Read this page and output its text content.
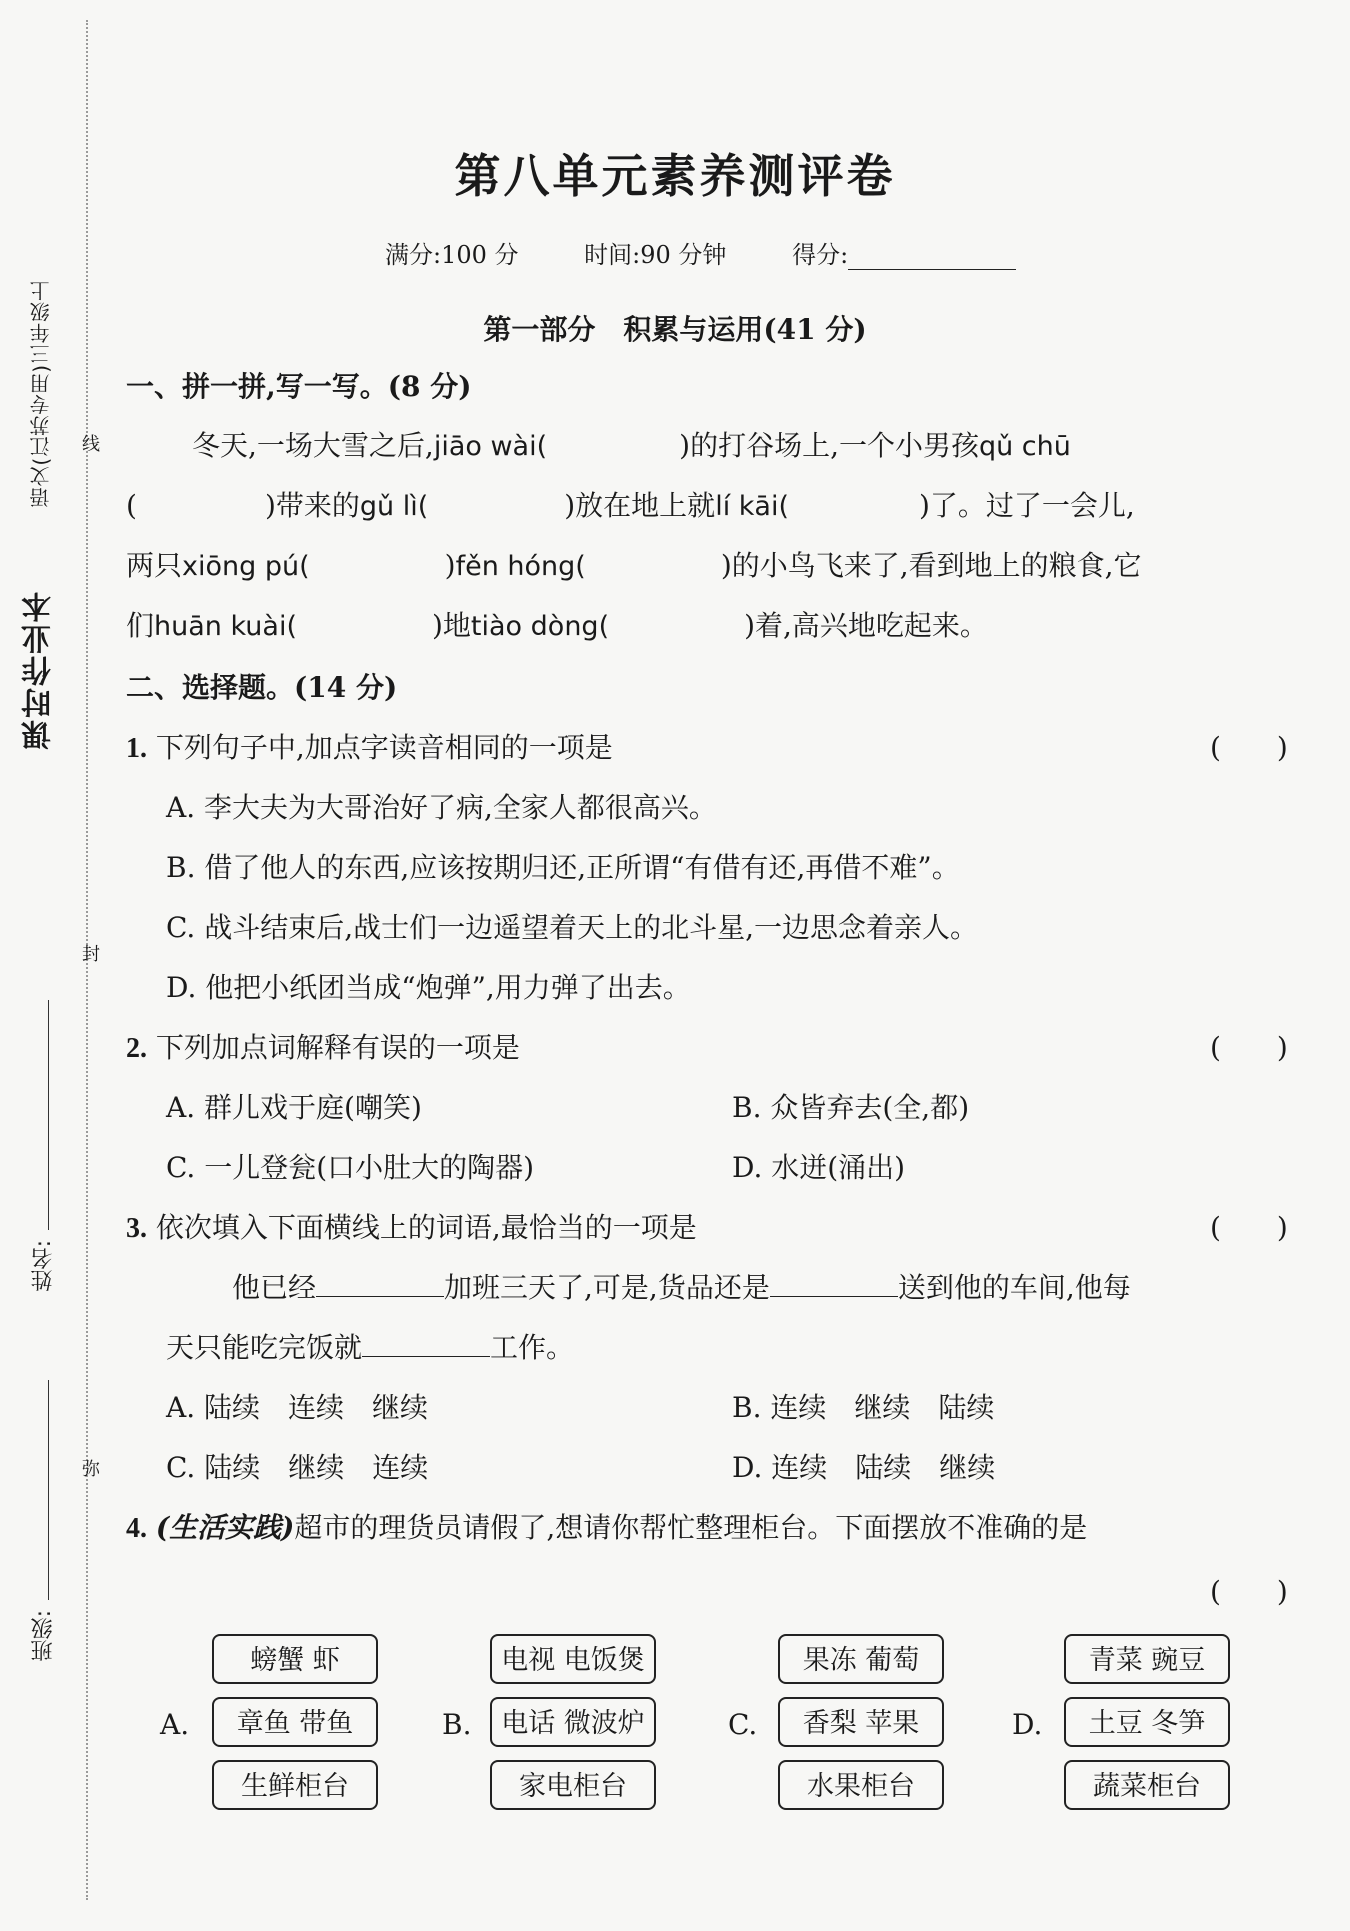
课时作业本
语文(江苏专用)三年级上 线
封
弥
姓名:
班级:
第八单元素养测评卷
满分:100 分	时间:90 分钟	得分:
第一部分　积累与运用(41 分)
一、拼一拼,写一写。(8 分)
冬天,一场大雪之后,jiāo wài(	)的打谷场上,一个小男孩qǔ chū
(	)带来的gǔ lì(	)放在地上就lí kāi(	)了。过了一会儿,
两只xiōng pú(	)fěn hóng(	)的小鸟飞来了,看到地上的粮食,它
们huān kuài(	)地tiào dòng(	)着,高兴地吃起来。
二、选择题。(14 分)
1. 下列句子中,加点字读音相同的一项是	(　　)
A. 李大夫为大哥治好了病,全家人都很高兴。
B. 借了他人的东西,应该按期归还,正所谓“有借有还,再借不难”。
C. 战斗结束后,战士们一边遥望着天上的北斗星,一边思念着亲人。
D. 他把小纸团当成“炮弹”,用力弹了出去。
2. 下列加点词解释有误的一项是	(　　)
A. 群儿戏于庭(嘲笑)	B. 众皆弃去(全,都)
C. 一儿登瓮(口小肚大的陶器)	D. 水迸(涌出)
3. 依次填入下面横线上的词语,最恰当的一项是	(　　)
他已经	加班三天了,可是,货品还是	送到他的车间,他每
天只能吃完饭就	工作。
A. 陆续　连续　继续	B. 连续　继续　陆续
C. 陆续　继续　连续	D. 连续　陆续　继续
4. (生活实践)超市的理货员请假了,想请你帮忙整理柜台。下面摆放不准确的是
(　　)
螃蟹 虾
章鱼 带鱼
生鲜柜台
A.
电视 电饭煲
电话 微波炉
家电柜台
B.
果冻 葡萄
香梨 苹果
水果柜台
C.
青菜 豌豆
土豆 冬笋
蔬菜柜台
D.
